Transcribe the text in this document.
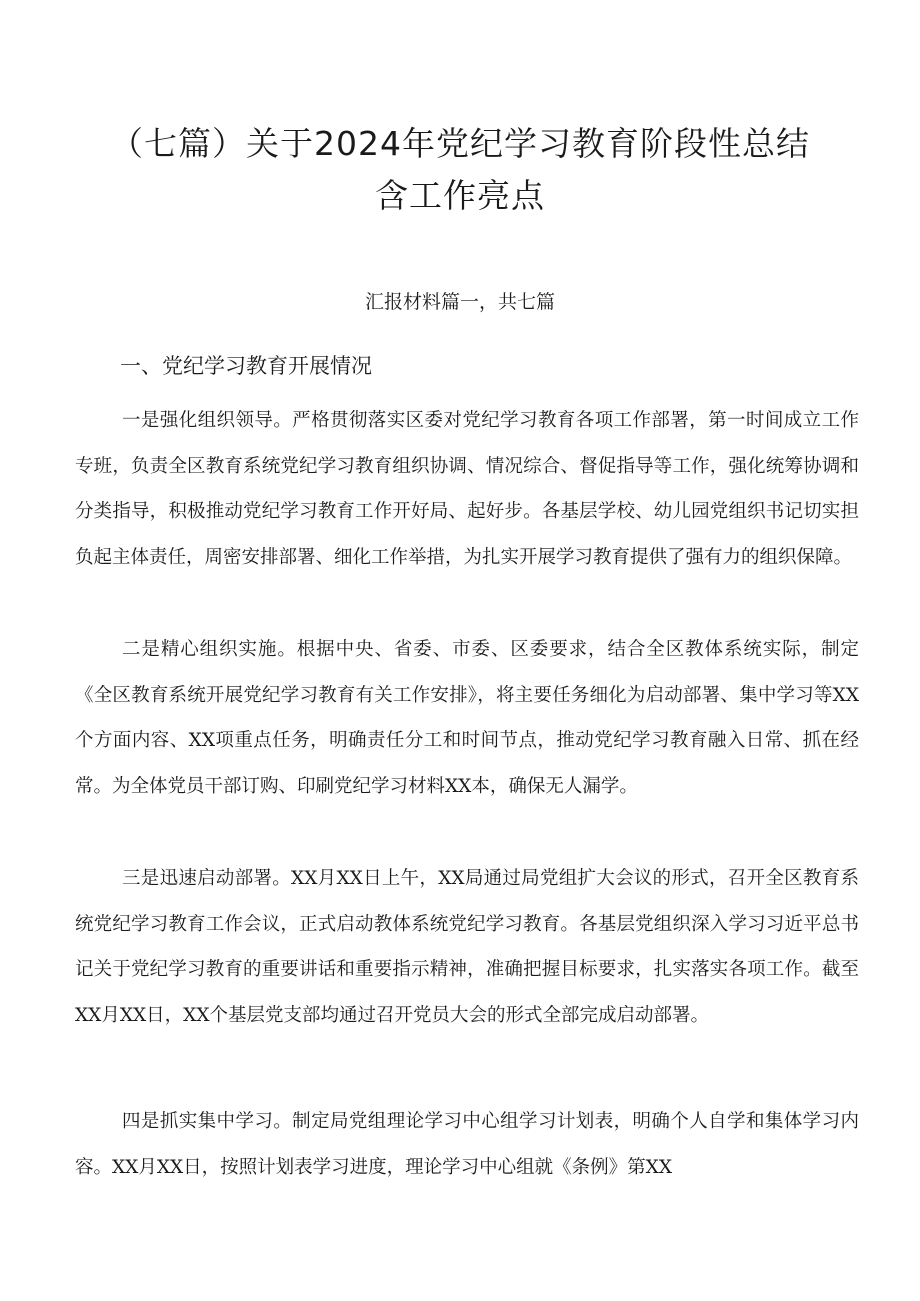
（七篇）关于2024年党纪学习教育阶段性总结含工作亮点

汇报材料篇一，共七篇

一、党纪学习教育开展情况

一是强化组织领导。严格贯彻落实区委对党纪学习教育各项工作部署，第一时间成立工作专班，负责全区教育系统党纪学习教育组织协调、情况综合、督促指导等工作，强化统筹协调和分类指导，积极推动党纪学习教育工作开好局、起好步。各基层学校、幼儿园党组织书记切实担负起主体责任，周密安排部署、细化工作举措，为扎实开展学习教育提供了强有力的组织保障。

二是精心组织实施。根据中央、省委、市委、区委要求，结合全区教体系统实际，制定《全区教育系统开展党纪学习教育有关工作安排》，将主要任务细化为启动部署、集中学习等XX个方面内容、XX项重点任务，明确责任分工和时间节点，推动党纪学习教育融入日常、抓在经常。为全体党员干部订购、印刷党纪学习材料XX本，确保无人漏学。

三是迅速启动部署。XX月XX日上午，XX局通过局党组扩大会议的形式，召开全区教育系统党纪学习教育工作会议，正式启动教体系统党纪学习教育。各基层党组织深入学习习近平总书记关于党纪学习教育的重要讲话和重要指示精神，准确把握目标要求，扎实落实各项工作。截至XX月XX日，XX个基层党支部均通过召开党员大会的形式全部完成启动部署。

四是抓实集中学习。制定局党组理论学习中心组学习计划表，明确个人自学和集体学习内容。XX月XX日，按照计划表学习进度，理论学习中心组就《条例》第XX
